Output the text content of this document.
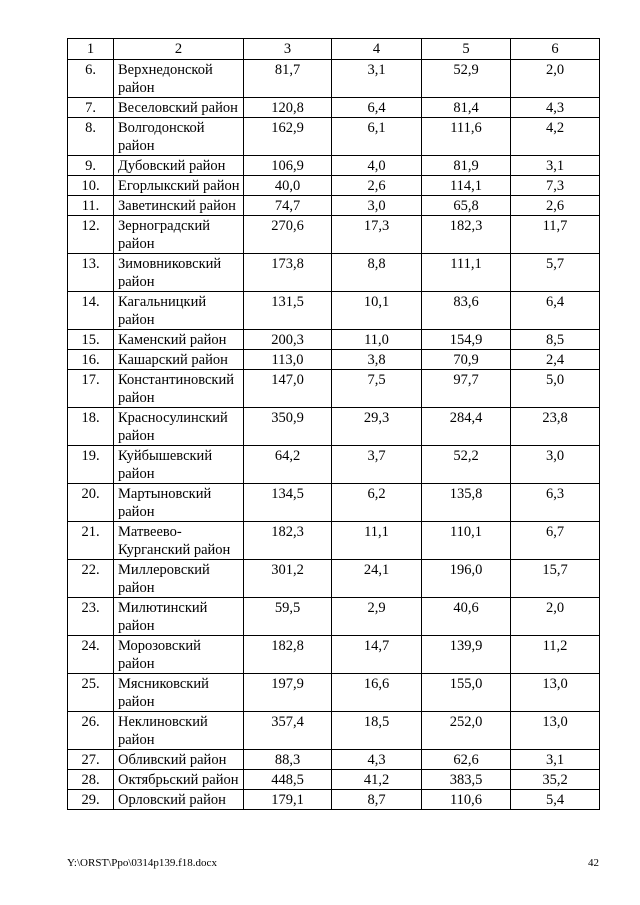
1	2	3	4	5	6
6.	Верхнедонской район	81,7	3,1	52,9	2,0
7.	Веселовский район	120,8	6,4	81,4	4,3
8.	Волгодонской район	162,9	6,1	111,6	4,2
9.	Дубовский район	106,9	4,0	81,9	3,1
10.	Егорлыкский район	40,0	2,6	114,1	7,3
11.	Заветинский район	74,7	3,0	65,8	2,6
12.	Зерноградский район	270,6	17,3	182,3	11,7
13.	Зимовниковский район	173,8	8,8	111,1	5,7
14.	Кагальницкий район	131,5	10,1	83,6	6,4
15.	Каменский район	200,3	11,0	154,9	8,5
16.	Кашарский район	113,0	3,8	70,9	2,4
17.	Константиновский район	147,0	7,5	97,7	5,0
18.	Красносулинский район	350,9	29,3	284,4	23,8
19.	Куйбышевский район	64,2	3,7	52,2	3,0
20.	Мартыновский район	134,5	6,2	135,8	6,3
21.	Матвеево-Курганский район	182,3	11,1	110,1	6,7
22.	Миллеровский район	301,2	24,1	196,0	15,7
23.	Милютинский район	59,5	2,9	40,6	2,0
24.	Морозовский район	182,8	14,7	139,9	11,2
25.	Мясниковский район	197,9	16,6	155,0	13,0
26.	Неклиновский район	357,4	18,5	252,0	13,0
27.	Обливский район	88,3	4,3	62,6	3,1
28.	Октябрьский район	448,5	41,2	383,5	35,2
29.	Орловский район	179,1	8,7	110,6	5,4
Y:\ORST\Ppo\0314p139.f18.docx	42
